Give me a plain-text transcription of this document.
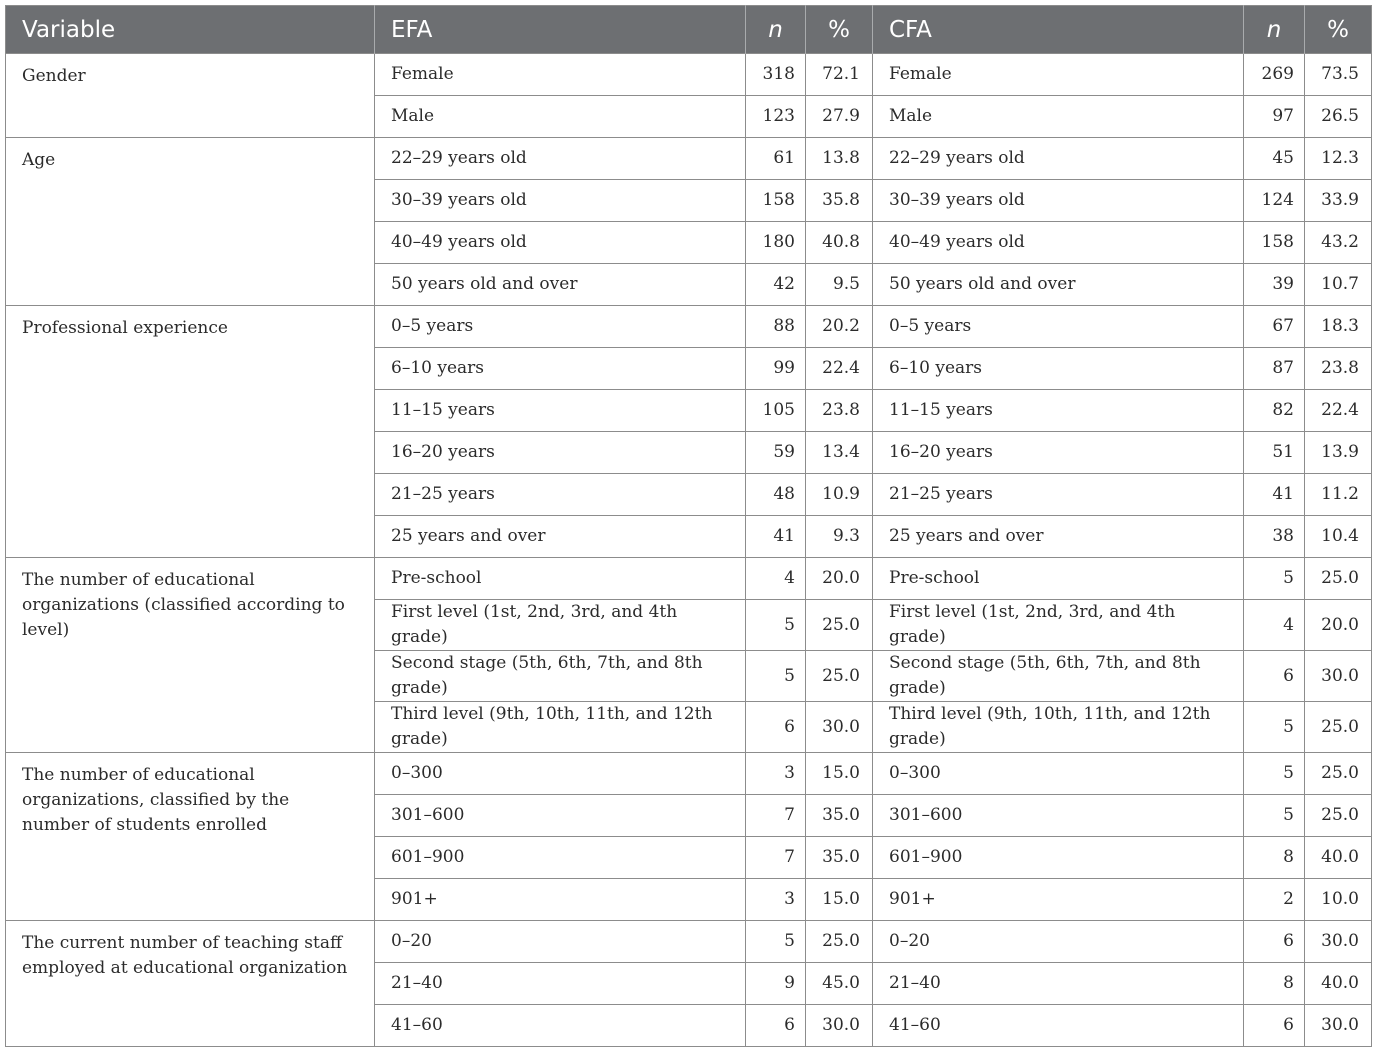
Variable	EFA	n	%	CFA	n	%
Gender	Female	318	72.1	Female	269	73.5
	Male	123	27.9	Male	97	26.5
Age	22–29 years old	61	13.8	22–29 years old	45	12.3
	30–39 years old	158	35.8	30–39 years old	124	33.9
	40–49 years old	180	40.8	40–49 years old	158	43.2
	50 years old and over	42	9.5	50 years old and over	39	10.7
Professional experience	0–5 years	88	20.2	0–5 years	67	18.3
	6–10 years	99	22.4	6–10 years	87	23.8
	11–15 years	105	23.8	11–15 years	82	22.4
	16–20 years	59	13.4	16–20 years	51	13.9
	21–25 years	48	10.9	21–25 years	41	11.2
	25 years and over	41	9.3	25 years and over	38	10.4
The number of educational organizations (classified according to level)	Pre-school	4	20.0	Pre-school	5	25.0
	First level (1st, 2nd, 3rd, and 4th grade)	5	25.0	First level (1st, 2nd, 3rd, and 4th grade)	4	20.0
	Second stage (5th, 6th, 7th, and 8th grade)	5	25.0	Second stage (5th, 6th, 7th, and 8th grade)	6	30.0
	Third level (9th, 10th, 11th, and 12th grade)	6	30.0	Third level (9th, 10th, 11th, and 12th grade)	5	25.0
The number of educational organizations, classified by the number of students enrolled	0–300	3	15.0	0–300	5	25.0
	301–600	7	35.0	301–600	5	25.0
	601–900	7	35.0	601–900	8	40.0
	901+	3	15.0	901+	2	10.0
The current number of teaching staff employed at educational organization	0–20	5	25.0	0–20	6	30.0
	21–40	9	45.0	21–40	8	40.0
	41–60	6	30.0	41–60	6	30.0
